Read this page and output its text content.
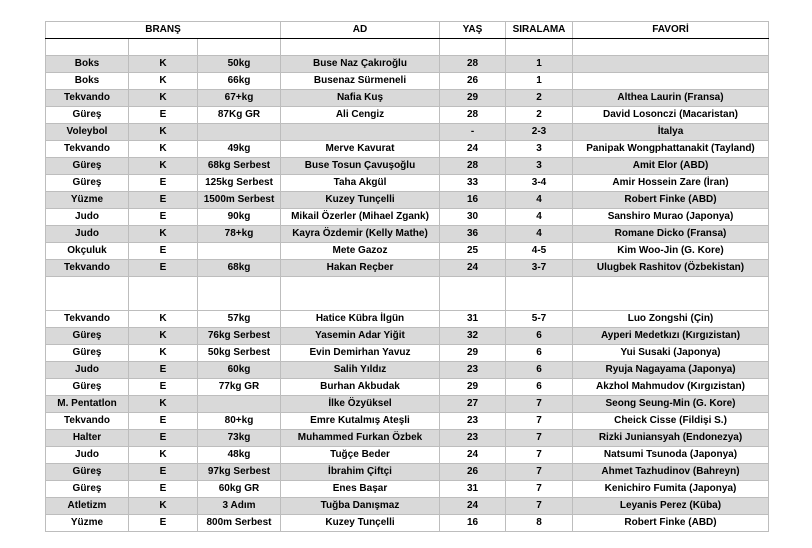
BRANŞ			AD	YAŞ	SIRALAMA	FAVORİ

Boks	K	50kg	Buse Naz Çakıroğlu	28	1	
Boks	K	66kg	Busenaz Sürmeneli	26	1	
Tekvando	K	67+kg	Nafia Kuş	29	2	Althea Laurin (Fransa)
Güreş	E	87Kg GR	Ali Cengiz	28	2	David Losonczi (Macaristan)
Voleybol	K			-	2-3	İtalya
Tekvando	K	49kg	Merve Kavurat	24	3	Panipak Wongphattanakit (Tayland)
Güreş	K	68kg Serbest	Buse Tosun Çavuşoğlu	28	3	Amit Elor (ABD)
Güreş	E	125kg Serbest	Taha Akgül	33	3-4	Amir Hossein Zare (İran)
Yüzme	E	1500m Serbest	Kuzey Tunçelli	16	4	Robert Finke (ABD)
Judo	E	90kg	Mikail Özerler (Mihael Zgank)	30	4	Sanshiro Murao (Japonya)
Judo	K	78+kg	Kayra Özdemir (Kelly Mathe)	36	4	Romane Dicko (Fransa)
Okçuluk	E		Mete Gazoz	25	4-5	Kim Woo-Jin (G. Kore)
Tekvando	E	68kg	Hakan Reçber	24	3-7	Ulugbek Rashitov (Özbekistan)

Tekvando	K	57kg	Hatice Kübra İlgün	31	5-7	Luo Zongshi (Çin)
Güreş	K	76kg Serbest	Yasemin Adar Yiğit	32	6	Ayperi Medetkızı (Kırgızistan)
Güreş	K	50kg Serbest	Evin Demirhan Yavuz	29	6	Yui Susaki (Japonya)
Judo	E	60kg	Salih Yıldız	23	6	Ryuja Nagayama (Japonya)
Güreş	E	77kg GR	Burhan Akbudak	29	6	Akzhol Mahmudov (Kırgızistan)
M. Pentatlon	K		İlke Özyüksel	27	7	Seong Seung-Min (G. Kore)
Tekvando	E	80+kg	Emre Kutalmış Ateşli	23	7	Cheick Cisse (Fildişi S.)
Halter	E	73kg	Muhammed Furkan Özbek	23	7	Rizki Juniansyah (Endonezya)
Judo	K	48kg	Tuğçe Beder	24	7	Natsumi Tsunoda (Japonya)
Güreş	E	97kg Serbest	İbrahim Çiftçi	26	7	Ahmet Tazhudinov (Bahreyn)
Güreş	E	60kg GR	Enes Başar	31	7	Kenichiro Fumita (Japonya)
Atletizm	K	3 Adım	Tuğba Danışmaz	24	7	Leyanis Perez (Küba)
Yüzme	E	800m Serbest	Kuzey Tunçelli	16	8	Robert Finke (ABD)
